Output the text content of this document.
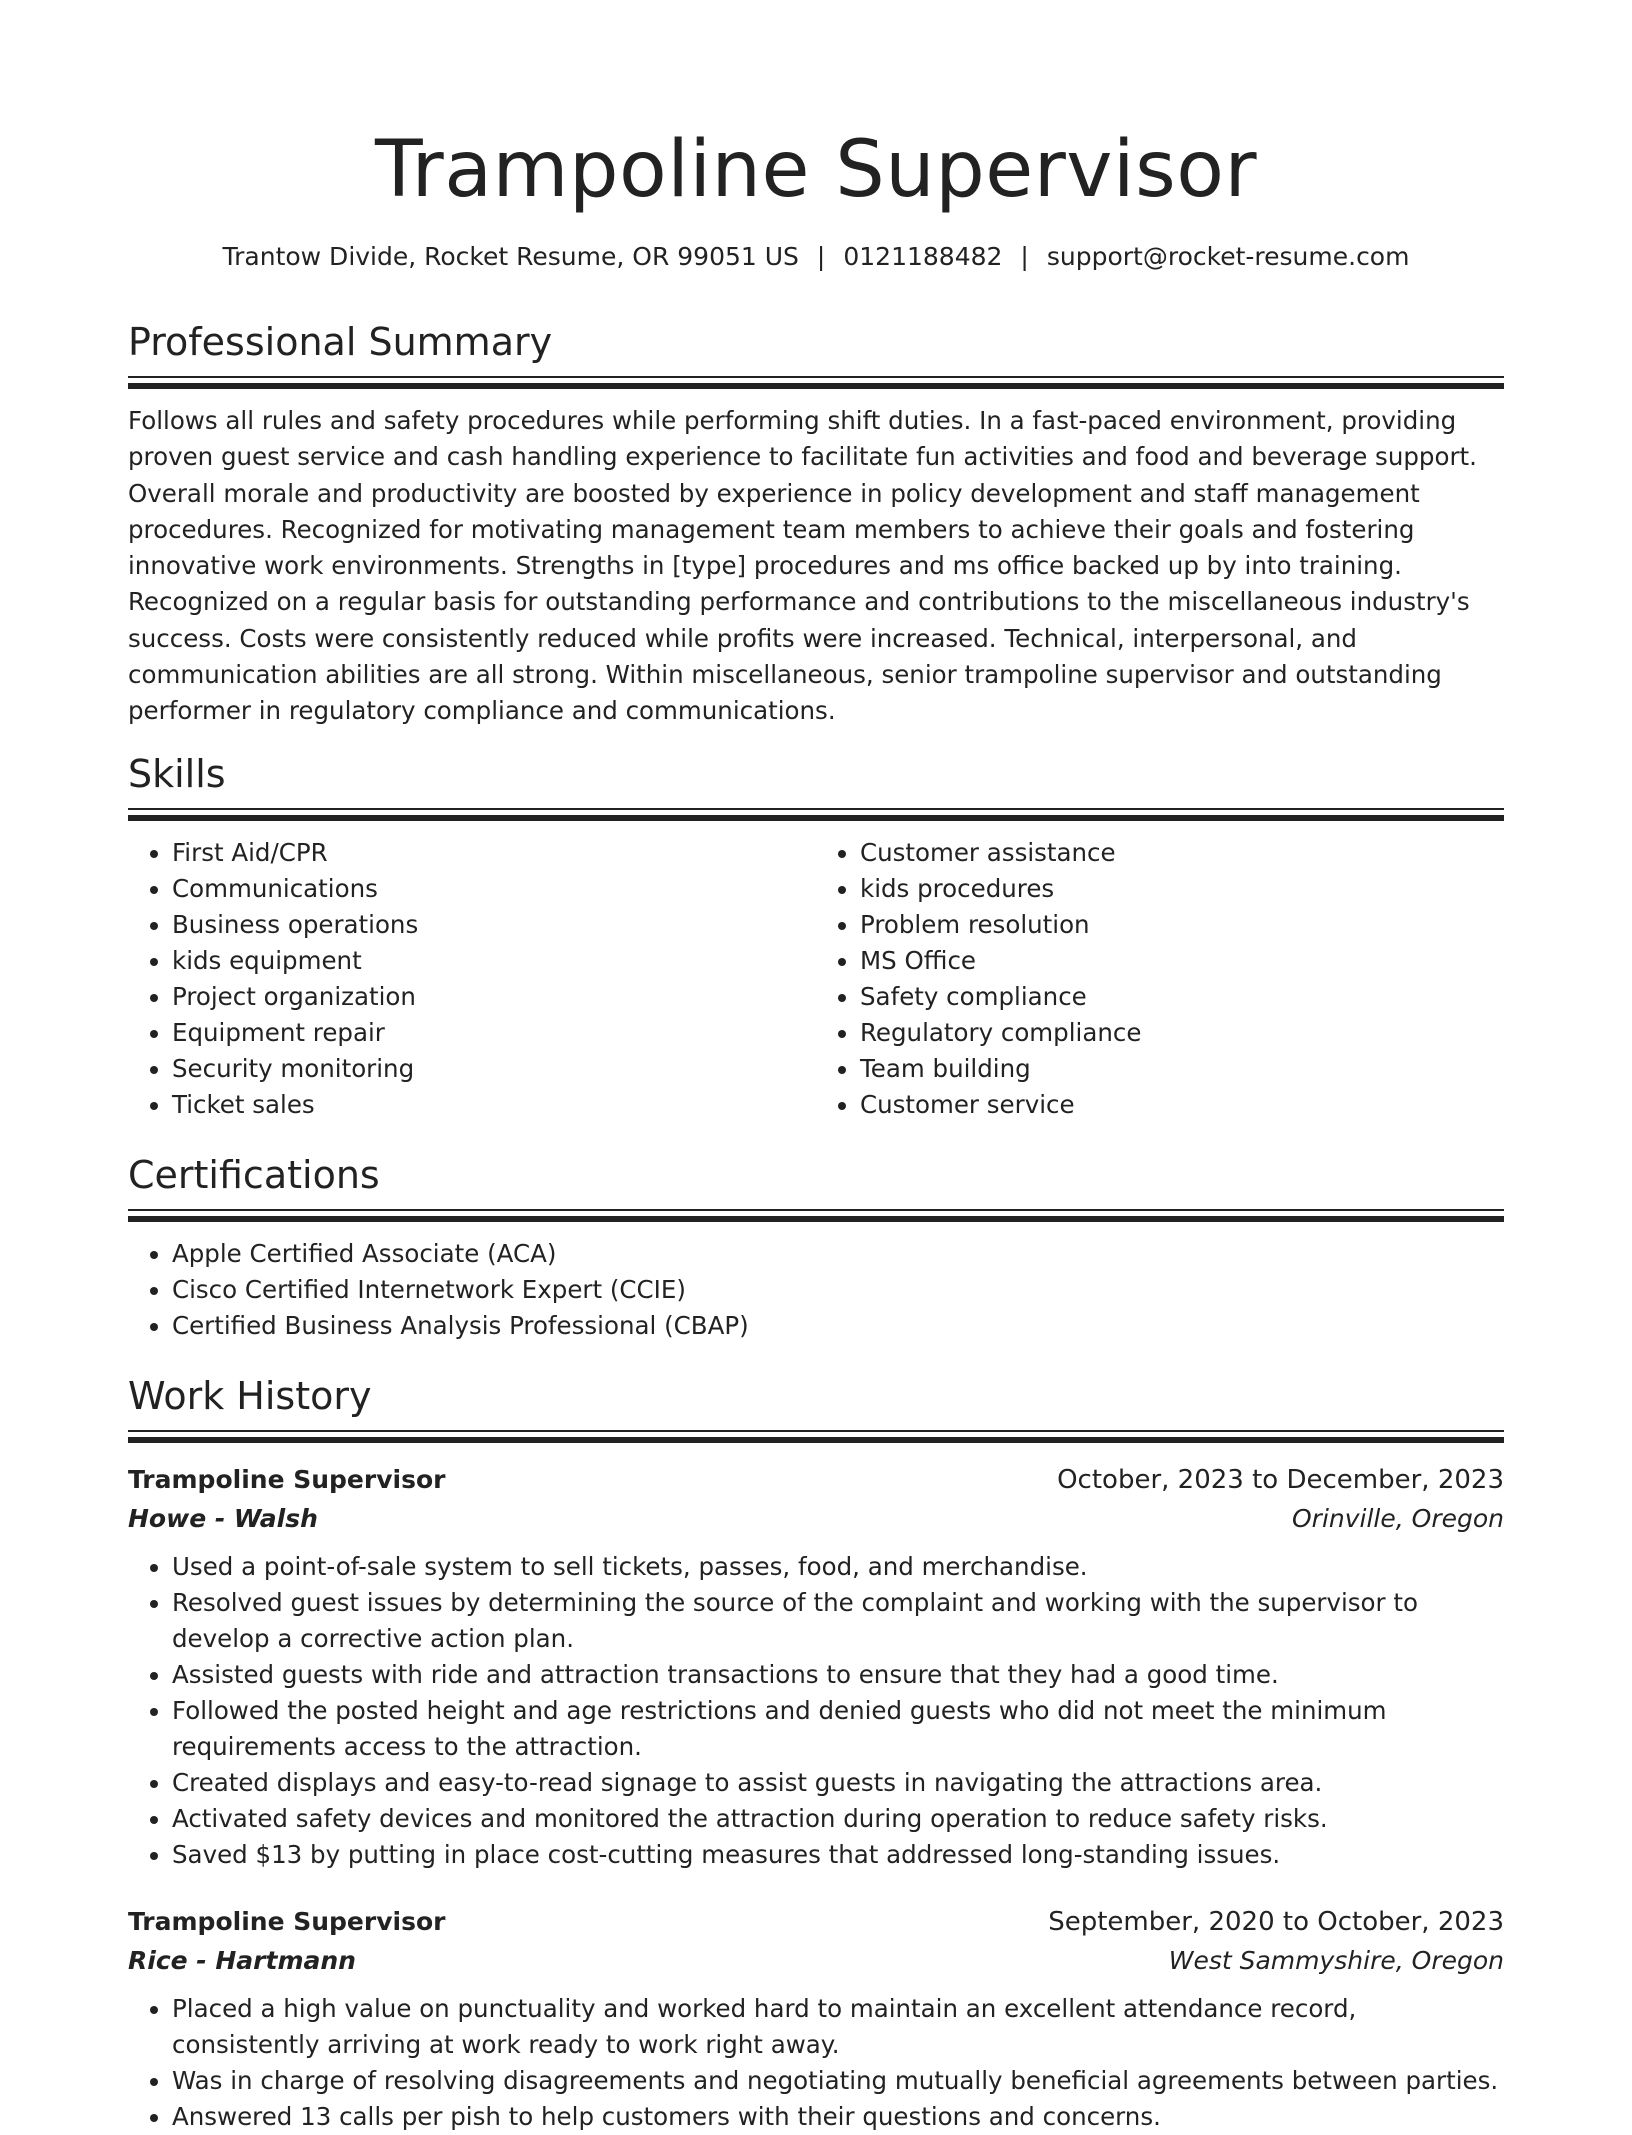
Trampoline Supervisor
Trantow Divide, Rocket Resume, OR 99051 US | 0121188482 | support@rocket-resume.com
Professional Summary

Follows all rules and safety procedures while performing shift duties. In a fast-paced environment, providing proven guest service and cash handling experience to facilitate fun activities and food and beverage support. Overall morale and productivity are boosted by experience in policy development and staff management procedures. Recognized for motivating management team members to achieve their goals and fostering innovative work environments. Strengths in [type] procedures and ms office backed up by into training. Recognized on a regular basis for outstanding performance and contributions to the miscellaneous industry's success. Costs were consistently reduced while profits were increased. Technical, interpersonal, and communication abilities are all strong. Within miscellaneous, senior trampoline supervisor and outstanding performer in regulatory compliance and communications.

Skills
• First Aid/CPR
• Communications
• Business operations
• kids equipment
• Project organization
• Equipment repair
• Security monitoring
• Ticket sales
• Customer assistance
• kids procedures
• Problem resolution
• MS Office
• Safety compliance
• Regulatory compliance
• Team building
• Customer service
Certifications
• Apple Certified Associate (ACA)
• Cisco Certified Internetwork Expert (CCIE)
• Certified Business Analysis Professional (CBAP)
Work History
Trampoline Supervisor	October, 2023 to December, 2023
Howe - Walsh	Orinville, Oregon
• Used a point-of-sale system to sell tickets, passes, food, and merchandise.
• Resolved guest issues by determining the source of the complaint and working with the supervisor to develop a corrective action plan.
• Assisted guests with ride and attraction transactions to ensure that they had a good time.
• Followed the posted height and age restrictions and denied guests who did not meet the minimum requirements access to the attraction.
• Created displays and easy-to-read signage to assist guests in navigating the attractions area.
• Activated safety devices and monitored the attraction during operation to reduce safety risks.
• Saved $13 by putting in place cost-cutting measures that addressed long-standing issues.
Trampoline Supervisor	September, 2020 to October, 2023
Rice - Hartmann	West Sammyshire, Oregon
• Placed a high value on punctuality and worked hard to maintain an excellent attendance record, consistently arriving at work ready to work right away.
• Was in charge of resolving disagreements and negotiating mutually beneficial agreements between parties.
• Answered 13 calls per pish to help customers with their questions and concerns.
